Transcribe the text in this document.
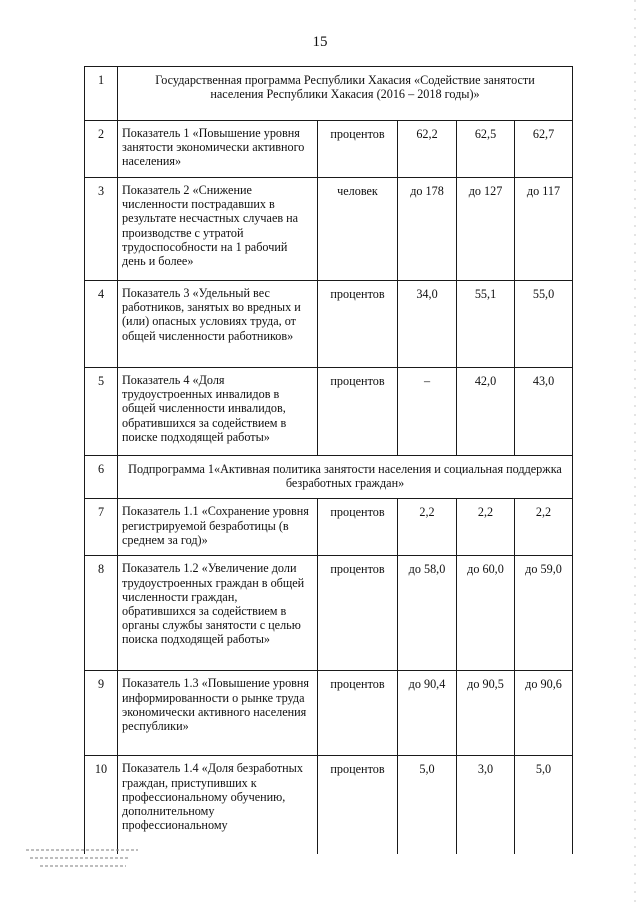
15
1	Государственная программа Республики Хакасия «Содействие занятости населения Республики Хакасия (2016 – 2018 годы)»				
2	Показатель 1 «Повышение уровня занятости экономически активного населения»	процентов	62,2	62,5	62,7
3	Показатель 2 «Снижение численности пострадавших в результате несчастных случаев на производстве с утратой трудоспособности на 1 рабочий день и более»	человек	до 178	до 127	до 117
4	Показатель 3 «Удельный вес работников, занятых во вредных и (или) опасных условиях труда, от общей численности работников»	процентов	34,0	55,1	55,0
5	Показатель 4 «Доля трудоустроенных инвалидов в общей численности инвалидов, обратившихся за содействием в поиске подходящей работы»	процентов	–	42,0	43,0
6	Подпрограмма 1«Активная политика занятости населения и социальная поддержка безработных граждан»				
7	Показатель 1.1 «Сохранение уровня регистрируемой безработицы (в среднем за год)»	процентов	2,2	2,2	2,2
8	Показатель 1.2 «Увеличение доли трудоустроенных граждан в общей численности граждан, обратившихся за содействием в органы службы занятости с целью поиска подходящей работы»	процентов	до 58,0	до 60,0	до 59,0
9	Показатель 1.3 «Повышение уровня информированности о рынке труда экономически активного населения республики»	процентов	до 90,4	до 90,5	до 90,6
10	Показатель 1.4 «Доля безработных граждан, приступивших к профессиональному обучению, дополнительному профессиональному	процентов	5,0	3,0	5,0
